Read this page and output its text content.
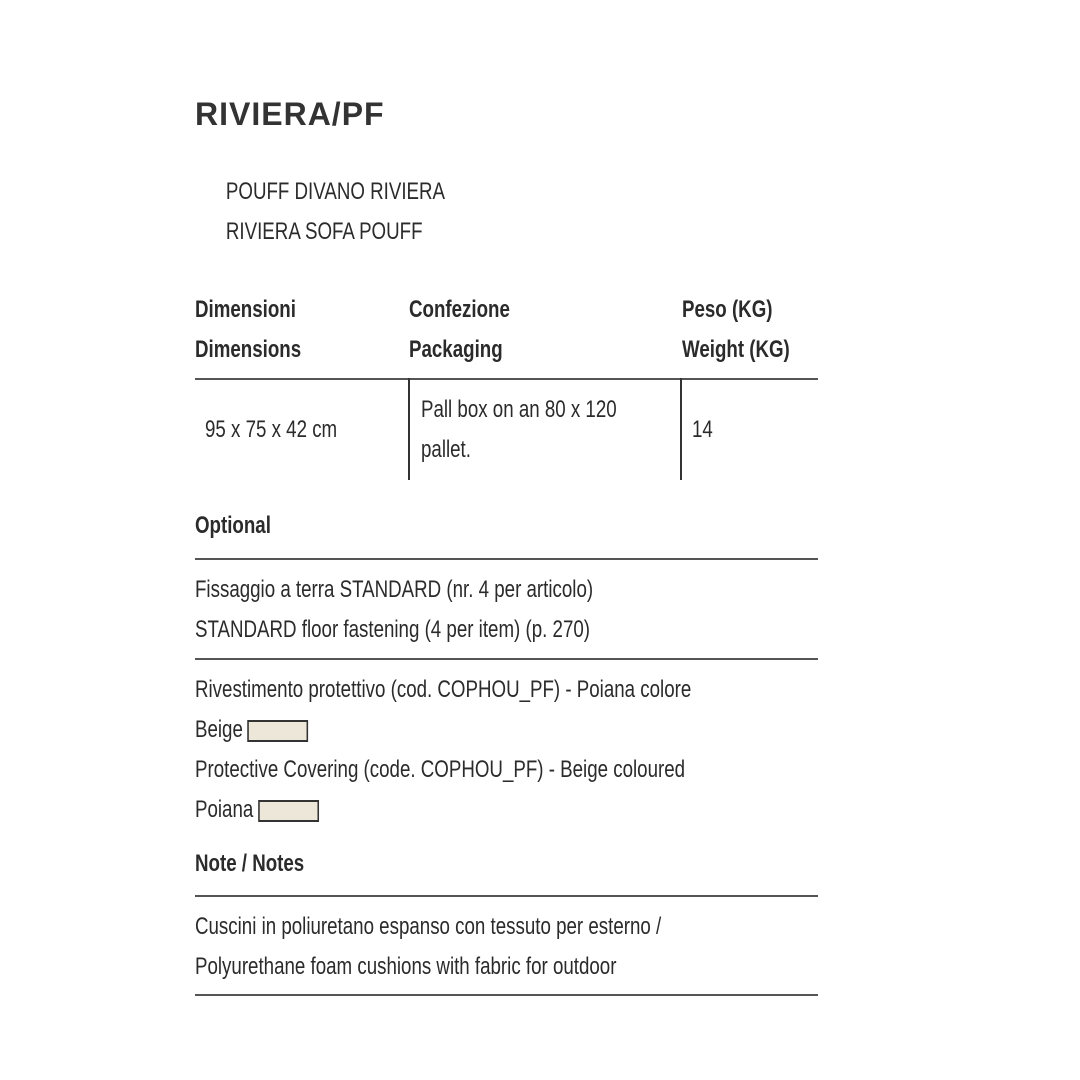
RIVIERA/PF
POUFF DIVANO RIVIERA
RIVIERA SOFA POUFF
Dimensioni
Dimensions
Confezione
Packaging
Peso (KG)
Weight (KG)
95 x 75 x 42 cm
Pall box on an 80 x 120
pallet.
14
Optional
Fissaggio a terra STANDARD (nr. 4 per articolo)
STANDARD floor fastening (4 per item) (p. 270)
Rivestimento protettivo (cod. COPHOU_PF) - Poiana colore
Beige
Protective Covering (code. COPHOU_PF) - Beige coloured
Poiana
Note / Notes
Cuscini in poliuretano espanso con tessuto per esterno /
Polyurethane foam cushions with fabric for outdoor
